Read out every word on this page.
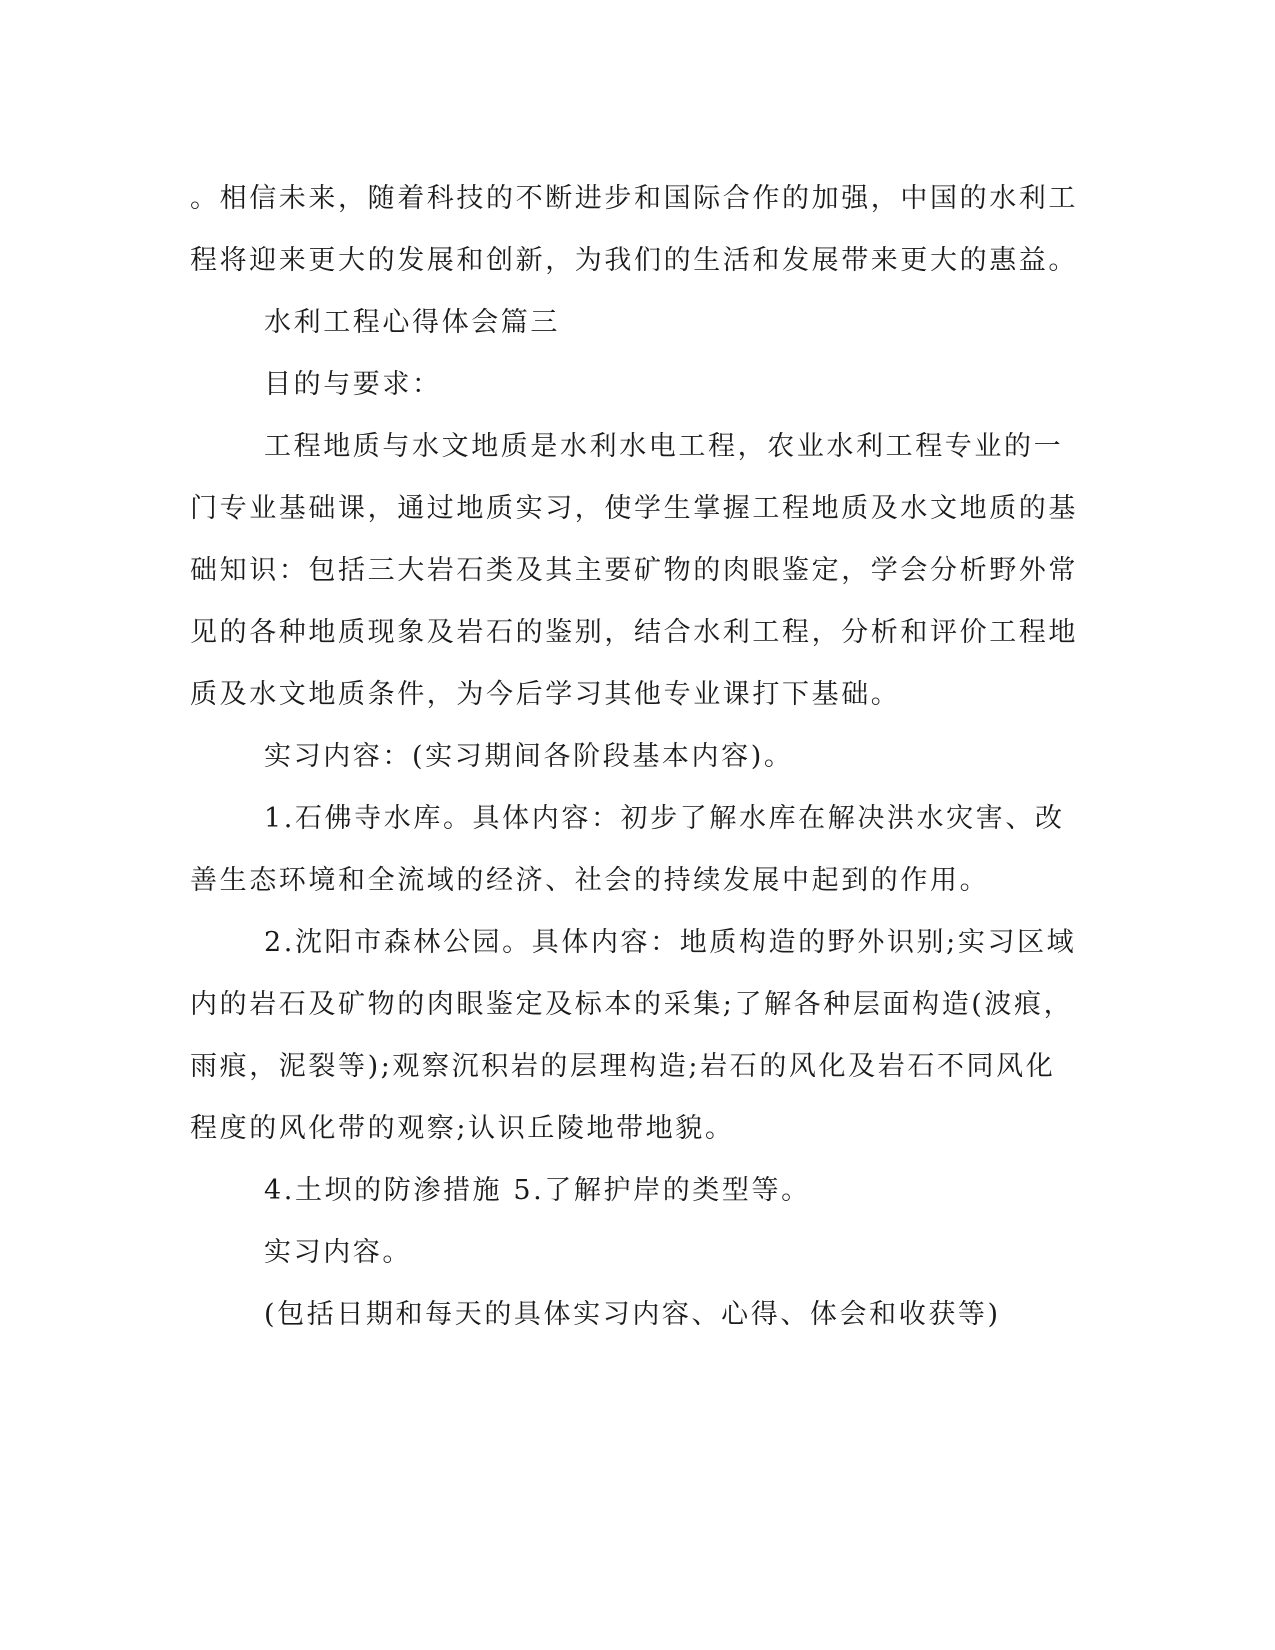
。相信未来，随着科技的不断进步和国际合作的加强，中国的水利工程将迎来更大的发展和创新，为我们的生活和发展带来更大的惠益。

水利工程心得体会篇三

目的与要求：

工程地质与水文地质是水利水电工程，农业水利工程专业的一门专业基础课，通过地质实习，使学生掌握工程地质及水文地质的基础知识：包括三大岩石类及其主要矿物的肉眼鉴定，学会分析野外常见的各种地质现象及岩石的鉴别，结合水利工程，分析和评价工程地质及水文地质条件，为今后学习其他专业课打下基础。

实习内容：(实习期间各阶段基本内容)。

1.石佛寺水库。具体内容：初步了解水库在解决洪水灾害、改善生态环境和全流域的经济、社会的持续发展中起到的作用。

2.沈阳市森林公园。具体内容：地质构造的野外识别;实习区域内的岩石及矿物的肉眼鉴定及标本的采集;了解各种层面构造(波痕，雨痕，泥裂等);观察沉积岩的层理构造;岩石的风化及岩石不同风化程度的风化带的观察;认识丘陵地带地貌。

4.土坝的防渗措施 5.了解护岸的类型等。

实习内容。

(包括日期和每天的具体实习内容、心得、体会和收获等)
